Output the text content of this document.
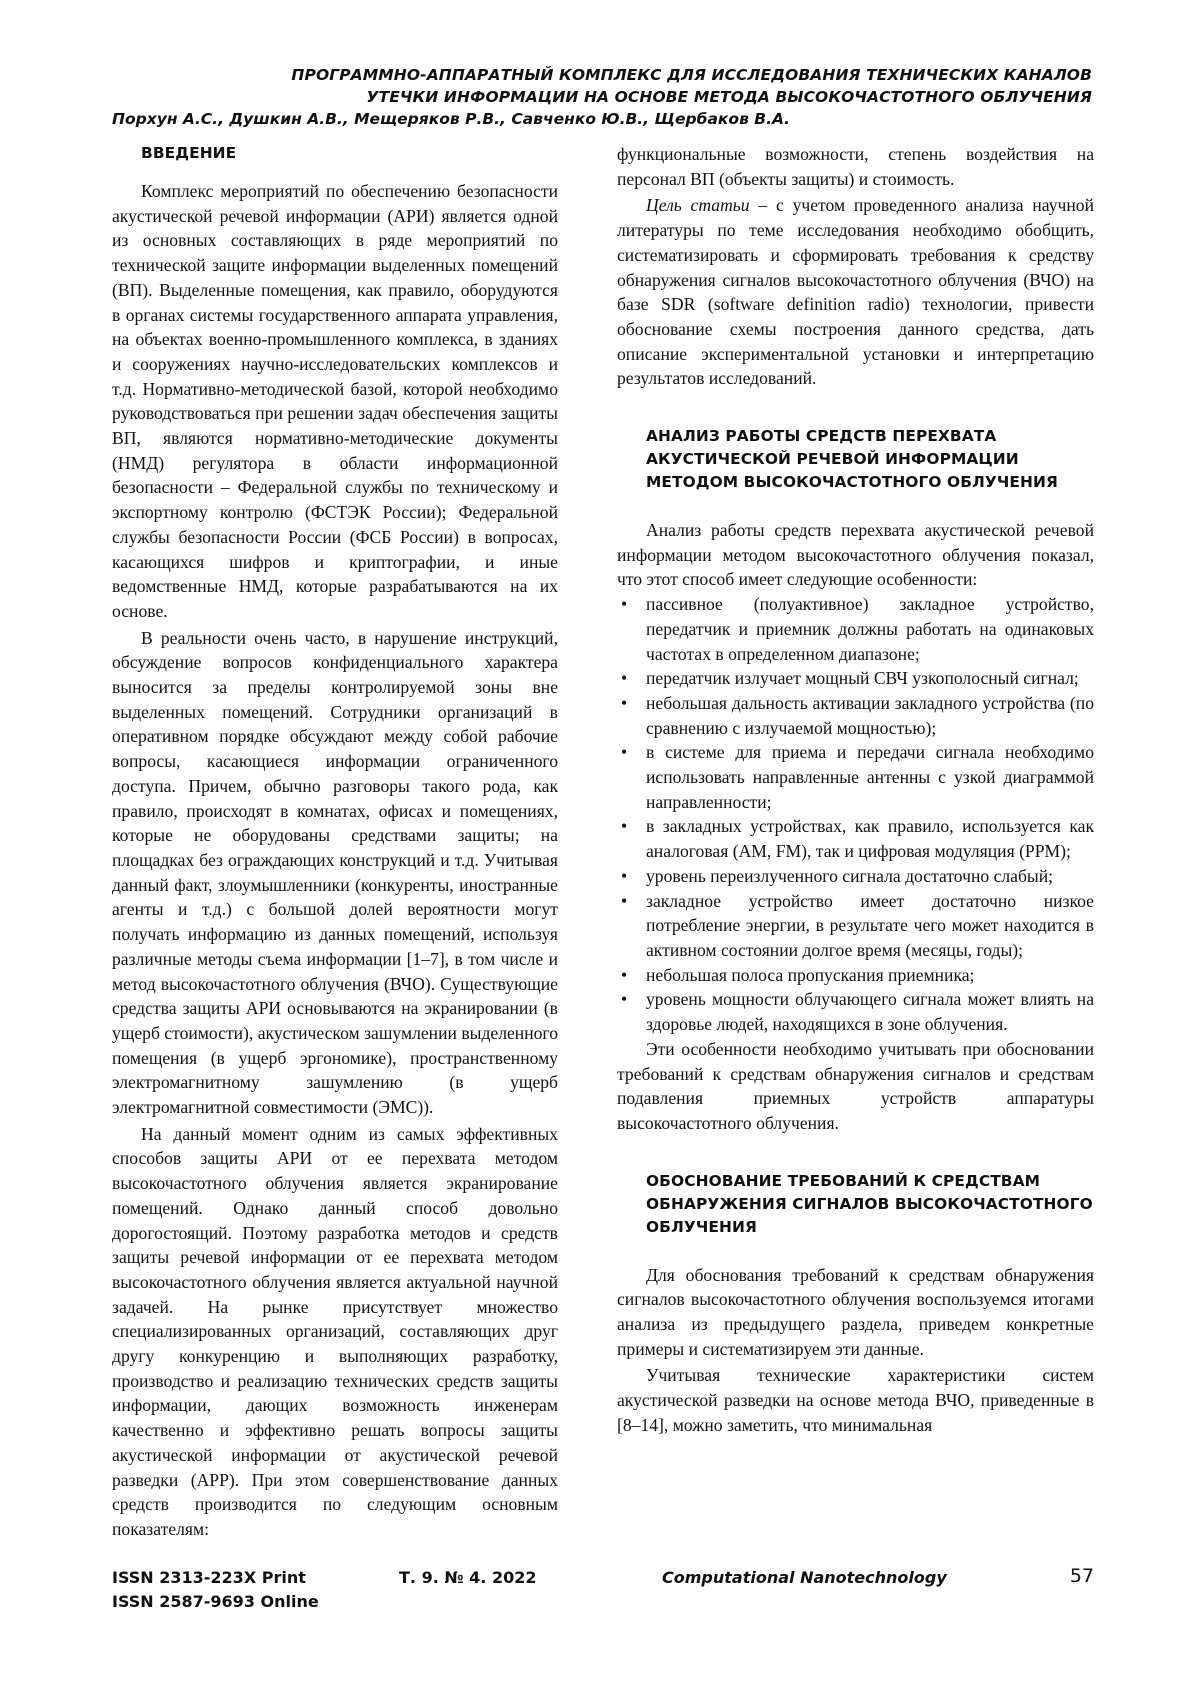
ПРОГРАММНО-АППАРАТНЫЙ КОМПЛЕКС ДЛЯ ИССЛЕДОВАНИЯ ТЕХНИЧЕСКИХ КАНАЛОВ
УТЕЧКИ ИНФОРМАЦИИ НА ОСНОВЕ МЕТОДА ВЫСОКОЧАСТОТНОГО ОБЛУЧЕНИЯ
Порхун А.С., Душкин А.В., Мещеряков Р.В., Савченко Ю.В., Щербаков В.А.
ВВЕДЕНИЕ

Комплекс мероприятий по обеспечению безопасности акустической речевой информации (АРИ) является одной из основных составляющих в ряде мероприятий по технической защите информации выделенных помещений (ВП). Выделенные помещения, как правило, оборудуются в органах системы государственного аппарата управления, на объектах военно-промышленного комплекса, в зданиях и сооружениях научно-исследовательских комплексов и т.д. Нормативно-методической базой, которой необходимо руководствоваться при решении задач обеспечения защиты ВП, являются нормативно-методические документы (НМД) регулятора в области информационной безопасности – Федеральной службы по техническому и экспортному контролю (ФСТЭК России); Федеральной службы безопасности России (ФСБ России) в вопросах, касающихся шифров и криптографии, и иные ведомственные НМД, которые разрабатываются на их основе.

В реальности очень часто, в нарушение инструкций, обсуждение вопросов конфиденциального характера выносится за пределы контролируемой зоны вне выделенных помещений. Сотрудники организаций в оперативном порядке обсуждают между собой рабочие вопросы, касающиеся информации ограниченного доступа. Причем, обычно разговоры такого рода, как правило, происходят в комнатах, офисах и помещениях, которые не оборудованы средствами защиты; на площадках без ограждающих конструкций и т.д. Учитывая данный факт, злоумышленники (конкуренты, иностранные агенты и т.д.) с большой долей вероятности могут получать информацию из данных помещений, используя различные методы съема информации [1–7], в том числе и метод высокочастотного облучения (ВЧО). Существующие средства защиты АРИ основываются на экранировании (в ущерб стоимости), акустическом зашумлении выделенного помещения (в ущерб эргономике), пространственному электромагнитному зашумлению (в ущерб электромагнитной совместимости (ЭМС)).

На данный момент одним из самых эффективных способов защиты АРИ от ее перехвата методом высокочастотного облучения является экранирование помещений. Однако данный способ довольно дорогостоящий. Поэтому разработка методов и средств защиты речевой информации от ее перехвата методом высокочастотного облучения является актуальной научной задачей. На рынке присутствует множество специализированных организаций, составляющих друг другу конкуренцию и выполняющих разработку, производство и реализацию технических средств защиты информации, дающих возможность инженерам качественно и эффективно решать вопросы защиты акустической информации от акустической речевой разведки (АРР). При этом совершенствование данных средств производится по следующим основным показателям:

функциональные возможности, степень воздействия на персонал ВП (объекты защиты) и стоимость.

Цель статьи – с учетом проведенного анализа научной литературы по теме исследования необходимо обобщить, систематизировать и сформировать требования к средству обнаружения сигналов высокочастотного облучения (ВЧО) на базе SDR (software definition radio) технологии, привести обоснование схемы построения данного средства, дать описание экспериментальной установки и интерпретацию результатов исследований.

АНАЛИЗ РАБОТЫ СРЕДСТВ ПЕРЕХВАТА АКУСТИЧЕСКОЙ РЕЧЕВОЙ ИНФОРМАЦИИ МЕТОДОМ ВЫСОКОЧАСТОТНОГО ОБЛУЧЕНИЯ

Анализ работы средств перехвата акустической речевой информации методом высокочастотного облучения показал, что этот способ имеет следующие особенности:

• пассивное (полуактивное) закладное устройство, передатчик и приемник должны работать на одинаковых частотах в определенном диапазоне;
• передатчик излучает мощный СВЧ узкополосный сигнал;
• небольшая дальность активации закладного устройства (по сравнению с излучаемой мощностью);
• в системе для приема и передачи сигнала необходимо использовать направленные антенны с узкой диаграммой направленности;
• в закладных устройствах, как правило, используется как аналоговая (AM, FM), так и цифровая модуляция (PPM);
• уровень переизлученного сигнала достаточно слабый;
• закладное устройство имеет достаточно низкое потребление энергии, в результате чего может находится в активном состоянии долгое время (месяцы, годы);
• небольшая полоса пропускания приемника;
• уровень мощности облучающего сигнала может влиять на здоровье людей, находящихся в зоне облучения.

Эти особенности необходимо учитывать при обосновании требований к средствам обнаружения сигналов и средствам подавления приемных устройств аппаратуры высокочастотного облучения.

ОБОСНОВАНИЕ ТРЕБОВАНИЙ К СРЕДСТВАМ ОБНАРУЖЕНИЯ СИГНАЛОВ ВЫСОКОЧАСТОТНОГО ОБЛУЧЕНИЯ

Для обоснования требований к средствам обнаружения сигналов высокочастотного облучения воспользуемся итогами анализа из предыдущего раздела, приведем конкретные примеры и систематизируем эти данные.

Учитывая технические характеристики систем акустической разведки на основе метода ВЧО, приведенные в [8–14], можно заметить, что минимальная

ISSN 2313-223X Print
ISSN 2587-9693 Online
Т. 9. № 4. 2022	Computational Nanotechnology	57
